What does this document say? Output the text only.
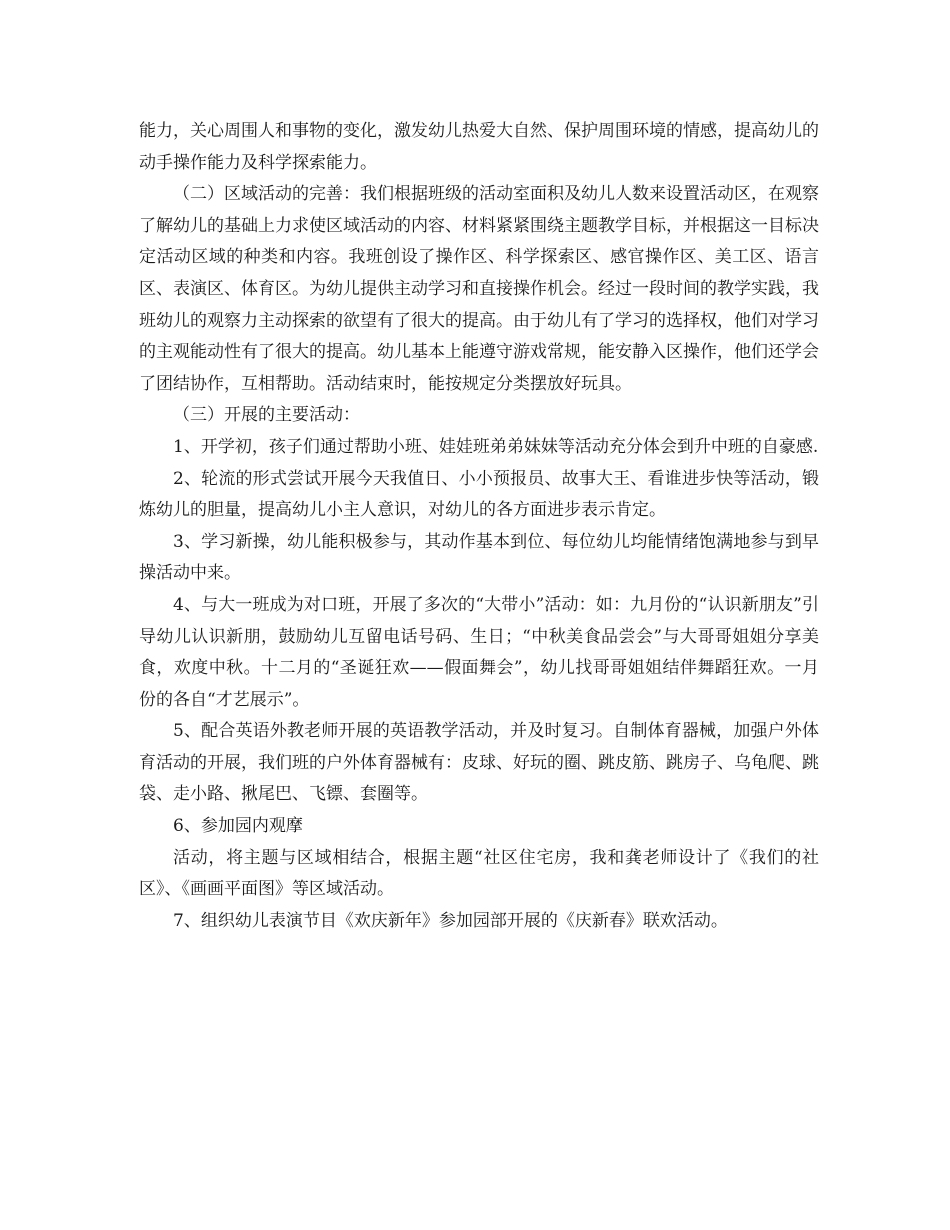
能力，关心周围人和事物的变化，激发幼儿热爱大自然、保护周围环境的情感，提高幼儿的动手操作能力及科学探索能力。

（二）区域活动的完善：我们根据班级的活动室面积及幼儿人数来设置活动区，在观察了解幼儿的基础上力求使区域活动的内容、材料紧紧围绕主题教学目标，并根据这一目标决定活动区域的种类和内容。我班创设了操作区、科学探索区、感官操作区、美工区、语言区、表演区、体育区。为幼儿提供主动学习和直接操作机会。经过一段时间的教学实践，我班幼儿的观察力主动探索的欲望有了很大的提高。由于幼儿有了学习的选择权，他们对学习的主观能动性有了很大的提高。幼儿基本上能遵守游戏常规，能安静入区操作，他们还学会了团结协作，互相帮助。活动结束时，能按规定分类摆放好玩具。

（三）开展的主要活动：

1、开学初，孩子们通过帮助小班、娃娃班弟弟妹妹等活动充分体会到升中班的自豪感.

2、轮流的形式尝试开展今天我值日、小小预报员、故事大王、看谁进步快等活动，锻炼幼儿的胆量，提高幼儿小主人意识，对幼儿的各方面进步表示肯定。

3、学习新操，幼儿能积极参与，其动作基本到位、每位幼儿均能情绪饱满地参与到早操活动中来。

4、与大一班成为对口班，开展了多次的“大带小”活动：如：九月份的“认识新朋友”引导幼儿认识新朋，鼓励幼儿互留电话号码、生日；“中秋美食品尝会”与大哥哥姐姐分享美食，欢度中秋。十二月的“圣诞狂欢——假面舞会”，幼儿找哥哥姐姐结伴舞蹈狂欢。一月份的各自“才艺展示”。

5、配合英语外教老师开展的英语教学活动，并及时复习。自制体育器械，加强户外体育活动的开展，我们班的户外体育器械有：皮球、好玩的圈、跳皮筋、跳房子、乌龟爬、跳袋、走小路、揪尾巴、飞镖、套圈等。

6、参加园内观摩

活动，将主题与区域相结合，根据主题“社区住宅房，我和龚老师设计了《我们的社区》、《画画平面图》等区域活动。

7、组织幼儿表演节目《欢庆新年》参加园部开展的《庆新春》联欢活动。
